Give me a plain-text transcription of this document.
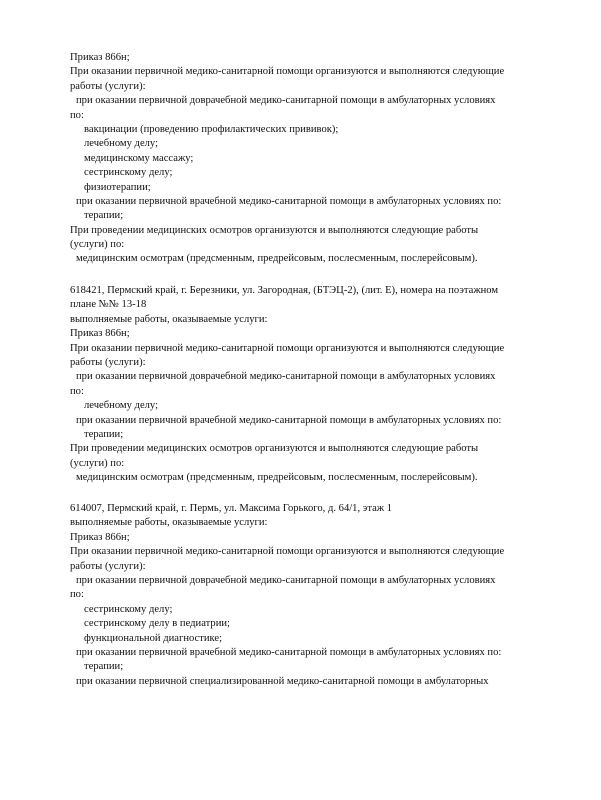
Приказ 866н;
При оказании первичной медико-санитарной помощи организуются и выполняются следующие
работы (услуги):
при оказании первичной доврачебной медико-санитарной помощи в амбулаторных условиях
по:
вакцинации (проведению профилактических прививок);
лечебному делу;
медицинскому массажу;
сестринскому делу;
физиотерапии;
при оказании первичной врачебной медико-санитарной помощи в амбулаторных условиях по:
терапии;
При проведении медицинских осмотров организуются и выполняются следующие работы
(услуги) по:
медицинским осмотрам (предсменным, предрейсовым, послесменным, послерейсовым).
618421, Пермский край, г. Березники, ул. Загородная, (БТЭЦ-2), (лит. Е), номера на поэтажном
плане №№ 13-18
выполняемые работы, оказываемые услуги:
Приказ 866н;
При оказании первичной медико-санитарной помощи организуются и выполняются следующие
работы (услуги):
при оказании первичной доврачебной медико-санитарной помощи в амбулаторных условиях
по:
лечебному делу;
при оказании первичной врачебной медико-санитарной помощи в амбулаторных условиях по:
терапии;
При проведении медицинских осмотров организуются и выполняются следующие работы
(услуги) по:
медицинским осмотрам (предсменным, предрейсовым, послесменным, послерейсовым).
614007, Пермский край, г. Пермь, ул. Максима Горького, д. 64/1, этаж 1
выполняемые работы, оказываемые услуги:
Приказ 866н;
При оказании первичной медико-санитарной помощи организуются и выполняются следующие
работы (услуги):
при оказании первичной доврачебной медико-санитарной помощи в амбулаторных условиях
по:
сестринскому делу;
сестринскому делу в педиатрии;
функциональной диагностике;
при оказании первичной врачебной медико-санитарной помощи в амбулаторных условиях по:
терапии;
при оказании первичной специализированной медико-санитарной помощи в амбулаторных
